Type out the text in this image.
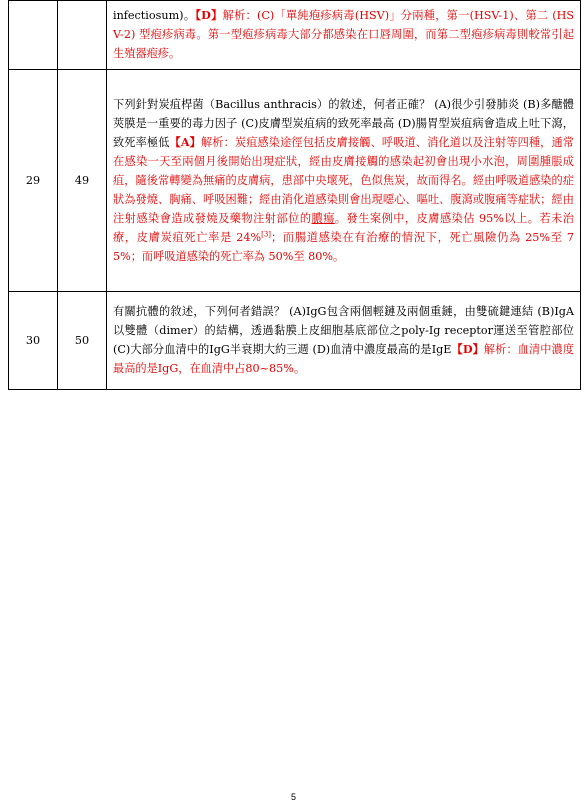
		infectiosum)。【D】解析：(C)「單純疱疹病毒(HSV)」分兩種，第一(HSV-1)、第二 (HSV-2) 型疱疹病毒。第一型疱疹病毒大部分都感染在口唇周圍，而第二型疱疹病毒則較常引起生殖器疱疹。
29	49	下列針對炭疽桿菌（Bacillus anthracis）的敘述，何者正確？ (A)很少引發肺炎 (B)多醣體莢膜是一重要的毒力因子 (C)皮膚型炭疽病的致死率最高 (D)腸胃型炭疽病會造成上吐下瀉，致死率極低【A】解析：炭疽感染途徑包括皮膚接觸、呼吸道、消化道以及注射等四種，通常在感染一天至兩個月後開始出現症狀，經由皮膚接觸的感染起初會出現小水泡，周圍腫脹成疽，隨後常轉變為無痛的皮膚病，患部中央壞死，色似焦炭，故而得名。經由呼吸道感染的症狀為發燒、胸痛、呼吸困難；經由消化道感染則會出現噁心、嘔吐、腹瀉或腹痛等症狀；經由注射感染會造成發燒及藥物注射部位的膿瘍。發生案例中，皮膚感染佔 95%以上。若未治療，皮膚炭疽死亡率是 24%[3]；而腸道感染在有治療的情況下，死亡風險仍為 25%至 75%；而呼吸道感染的死亡率為 50%至 80%。
30	50	有關抗體的敘述，下列何者錯誤？ (A)IgG包含兩個輕鏈及兩個重鏈，由雙硫鍵連結 (B)IgA以雙體（dimer）的結構，透過黏膜上皮細胞基底部位之poly-Ig receptor運送至管腔部位 (C)大部分血清中的IgG半衰期大約三週 (D)血清中濃度最高的是IgE【D】解析：血清中濃度最高的是IgG，在血清中占80~85%。
5
